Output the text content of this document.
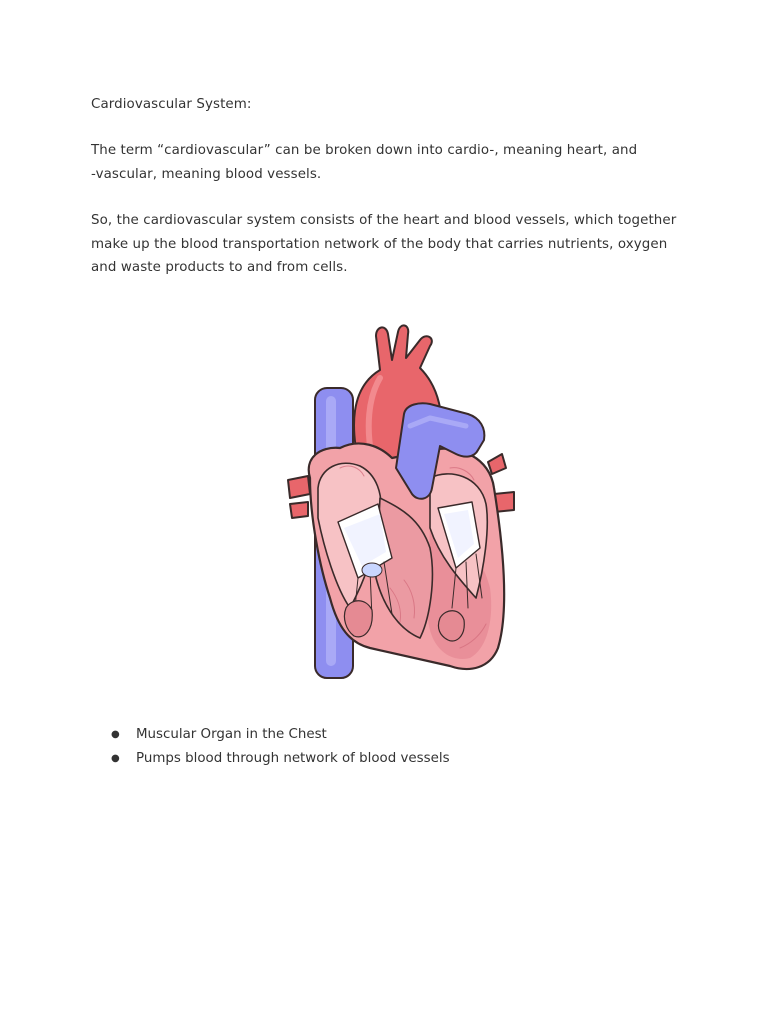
Cardiovascular System:
The term “cardiovascular” can be broken down into cardio-, meaning heart, and
-vascular, meaning blood vessels.
So, the cardiovascular system consists of the heart and blood vessels, which together
make up the blood transportation network of the body that carries nutrients, oxygen
and waste products to and from cells.
● Muscular Organ in the Chest
● Pumps blood through network of blood vessels
